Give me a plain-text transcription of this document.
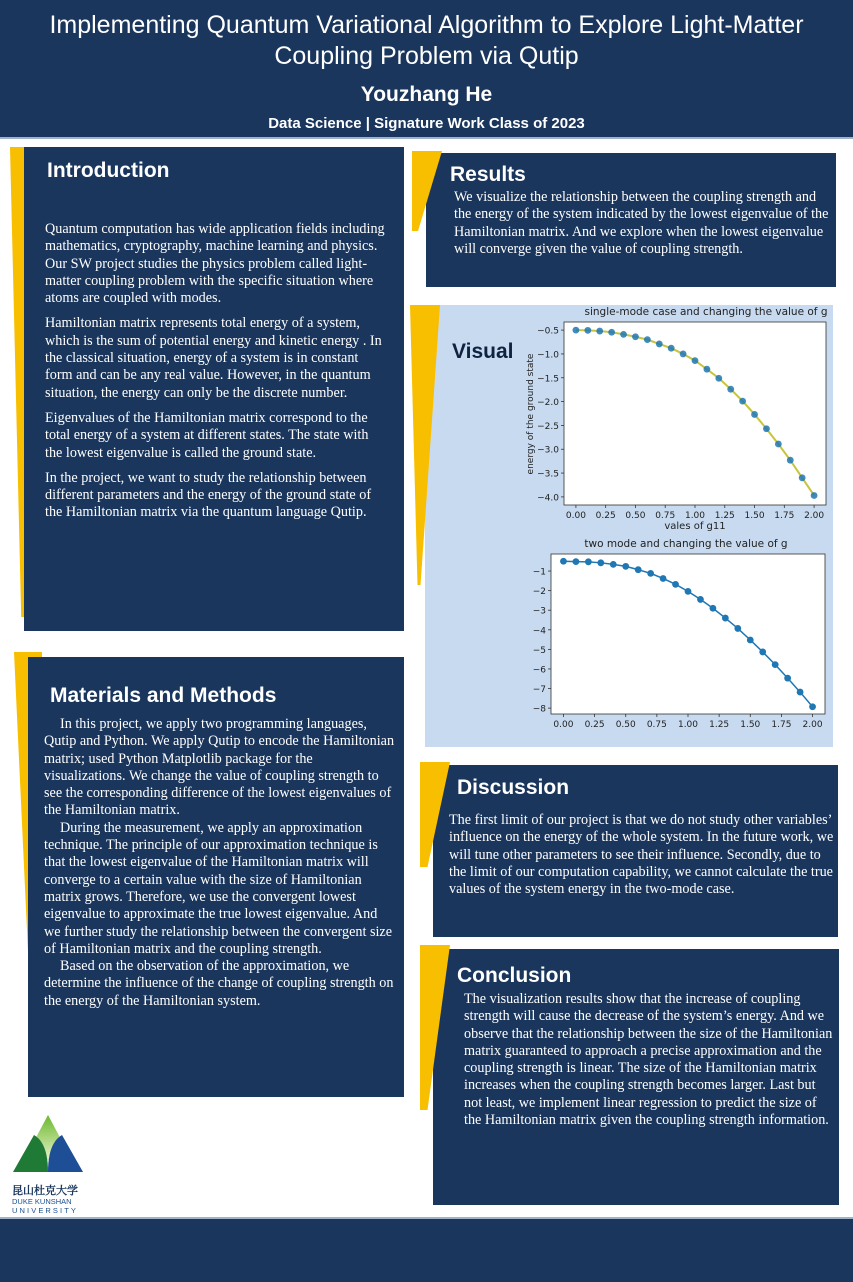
Implementing Quantum Variational Algorithm to Explore Light-Matter Coupling Problem via Qutip
Youzhang He
Data Science | Signature Work Class of 2023
Introduction

Quantum computation has wide application fields including mathematics, cryptography, machine learning and physics. Our SW project studies the physics problem called light-matter coupling problem with the specific situation where atoms are coupled with modes.

Hamiltonian matrix represents total energy of a system, which is the sum of potential energy and kinetic energy . In the classical situation, energy of a system is in constant form and can be any real value. However, in the quantum situation, the energy can only be the discrete number.

Eigenvalues of the Hamiltonian matrix correspond to the total energy of a system at different states. The state with the lowest eigenvalue is called the ground state.

In the project, we want to study the relationship between different parameters and the energy of the ground state of the Hamiltonian matrix via the quantum language Qutip.

Materials and Methods

In this project, we apply two programming languages, Qutip and Python. We apply Qutip to encode the Hamiltonian matrix; used Python Matplotlib package for the visualizations. We change the value of coupling strength to see the corresponding difference of the lowest eigenvalues of the Hamiltonian matrix.

During the measurement, we apply an approximation technique. The principle of our approximation technique is that the lowest eigenvalue of the Hamiltonian matrix will converge to a certain value with the size of Hamiltonian matrix grows. Therefore, we use the convergent lowest eigenvalue to approximate the true lowest eigenvalue. And we further study the relationship between the convergent size of Hamiltonian matrix and the coupling strength.

Based on the observation of the approximation, we determine the influence of the change of coupling strength on the energy of the Hamiltonian system.

Results
We visualize the relationship between the coupling strength and the energy of the system indicated by the lowest eigenvalue of the Hamiltonian matrix. And we explore when the lowest eigenvalue will converge given the value of coupling strength.
Visual
single-mode case and changing the value of g
−0.5
−1.0
−1.5
−2.0
−2.5
−3.0
−3.5
−4.0
0.00 0.25 0.50 0.75 1.00 1.25 1.50 1.75 2.00
vales of g11
energy of the ground state
two mode and changing the value of g
−1
−2
−3
−4
−5
−6
−7
−8
0.00 0.25 0.50 0.75 1.00 1.25 1.50 1.75 2.00
Discussion
The first limit of our project is that we do not study other variables’ influence on the energy of the whole system. In the future work, we will tune other parameters to see their influence. Secondly, due to the limit of our computation capability, we cannot calculate the true values of the system energy in the two-mode case.
Conclusion
The visualization results show that the increase of coupling strength will cause the decrease of the system’s energy. And we observe that the relationship between the size of the Hamiltonian matrix guaranteed to approach a precise approximation and the coupling strength is linear. The size of the Hamiltonian matrix increases when the coupling strength becomes larger. Last but not least, we implement linear regression to predict the size of the Hamiltonian matrix given the coupling strength information.
昆山杜克大学
DUKE KUNSHAN
UNIVERSITY
